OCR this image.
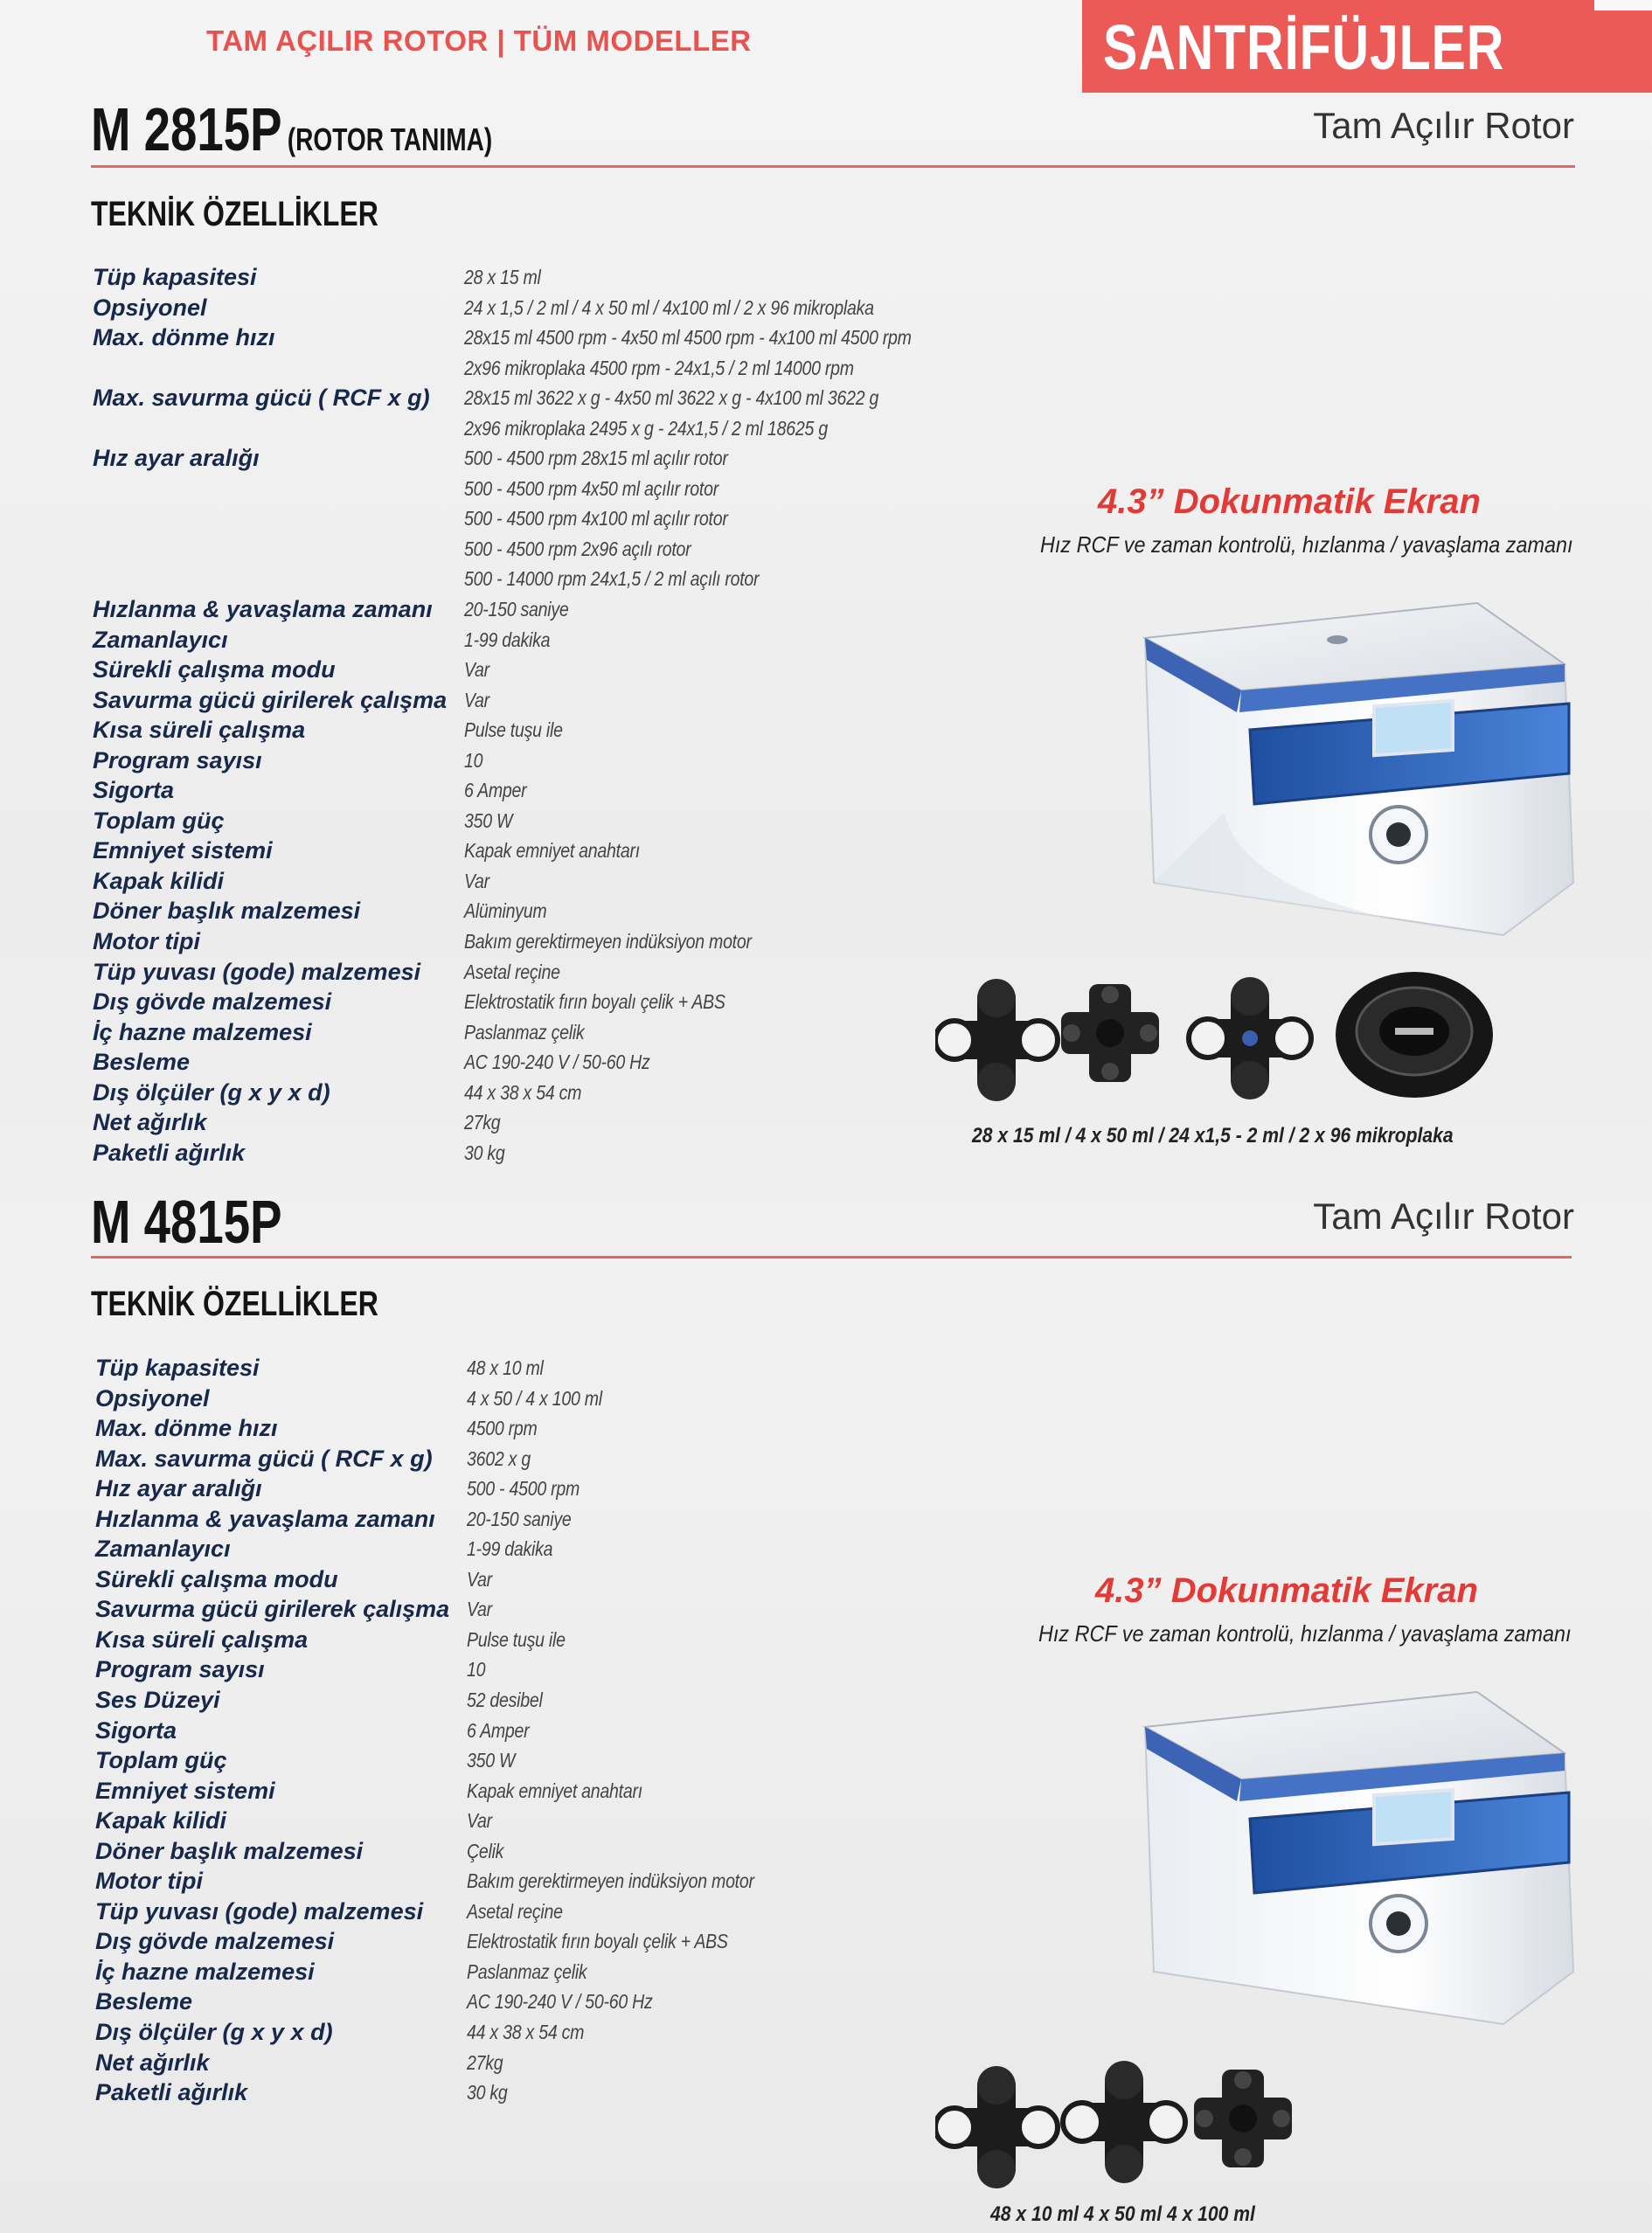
TAM AÇILIR ROTOR | TÜM MODELLER	SANTRİFÜJLER
M 2815P (ROTOR TANIMA)	Tam Açılır Rotor
TEKNİK ÖZELLİKLER
Tüp kapasitesi	28 x 15 ml
Opsiyonel	24 x 1,5 / 2 ml / 4 x 50 ml / 4x100 ml / 2 x 96 mikroplaka
Max. dönme hızı	28x15 ml 4500 rpm - 4x50 ml 4500 rpm - 4x100 ml 4500 rpm
2x96 mikroplaka 4500 rpm - 24x1,5 / 2 ml 14000 rpm
Max. savurma gücü ( RCF x g) 28x15 ml 3622 x g - 4x50 ml 3622 x g - 4x100 ml 3622 g
2x96 mikroplaka 2495 x g - 24x1,5 / 2 ml 18625 g
Hız ayar aralığı	500 - 4500 rpm 28x15 ml açılır rotor
500 - 4500 rpm 4x50 ml açılır rotor
500 - 4500 rpm 4x100 ml açılır rotor
500 - 4500 rpm 2x96 açılı rotor
500 - 14000 rpm 24x1,5 / 2 ml açılı rotor
Hızlanma & yavaşlama zamanı 20-150 saniye
Zamanlayıcı	1-99 dakika
Sürekli çalışma modu	Var
Savurma gücü girilerek çalışma Var
Kısa süreli çalışma	Pulse tuşu ile
Program sayısı	10
Sigorta	6 Amper
Toplam güç	350 W
Emniyet sistemi	Kapak emniyet anahtarı
Kapak kilidi	Var
Döner başlık malzemesi	Alüminyum
Motor tipi	Bakım gerektirmeyen indüksiyon motor
Tüp yuvası (gode) malzemesi Asetal reçine
Dış gövde malzemesi	Elektrostatik fırın boyalı çelik + ABS
İç hazne malzemesi	Paslanmaz çelik
Besleme	AC 190-240 V / 50-60 Hz
Dış ölçüler (g x y x d)	44 x 38 x 54 cm
Net ağırlık	27kg
Paketli ağırlık	30 kg
4.3” Dokunmatik Ekran
Hız RCF ve zaman kontrolü, hızlanma / yavaşlama zamanı
28 x 15 ml / 4 x 50 ml / 24 x1,5 - 2 ml / 2 x 96 mikroplaka
M 4815P	Tam Açılır Rotor
TEKNİK ÖZELLİKLER
Tüp kapasitesi	48 x 10 ml
Opsiyonel	4 x 50 / 4 x 100 ml
Max. dönme hızı	4500 rpm
Max. savurma gücü ( RCF x g) 3602 x g
Hız ayar aralığı	500 - 4500 rpm
Hızlanma & yavaşlama zamanı 20-150 saniye
Zamanlayıcı	1-99 dakika
Sürekli çalışma modu	Var
Savurma gücü girilerek çalışma Var
Kısa süreli çalışma	Pulse tuşu ile
Program sayısı	10
Ses Düzeyi	52 desibel
Sigorta	6 Amper
Toplam güç	350 W
Emniyet sistemi	Kapak emniyet anahtarı
Kapak kilidi	Var
Döner başlık malzemesi	Çelik
Motor tipi	Bakım gerektirmeyen indüksiyon motor
Tüp yuvası (gode) malzemesi Asetal reçine
Dış gövde malzemesi	Elektrostatik fırın boyalı çelik + ABS
İç hazne malzemesi	Paslanmaz çelik
Besleme	AC 190-240 V / 50-60 Hz
Dış ölçüler (g x y x d)	44 x 38 x 54 cm
Net ağırlık	27kg
Paketli ağırlık	30 kg
4.3” Dokunmatik Ekran
Hız RCF ve zaman kontrolü, hızlanma / yavaşlama zamanı
48 x 10 ml 4 x 50 ml 4 x 100 ml
